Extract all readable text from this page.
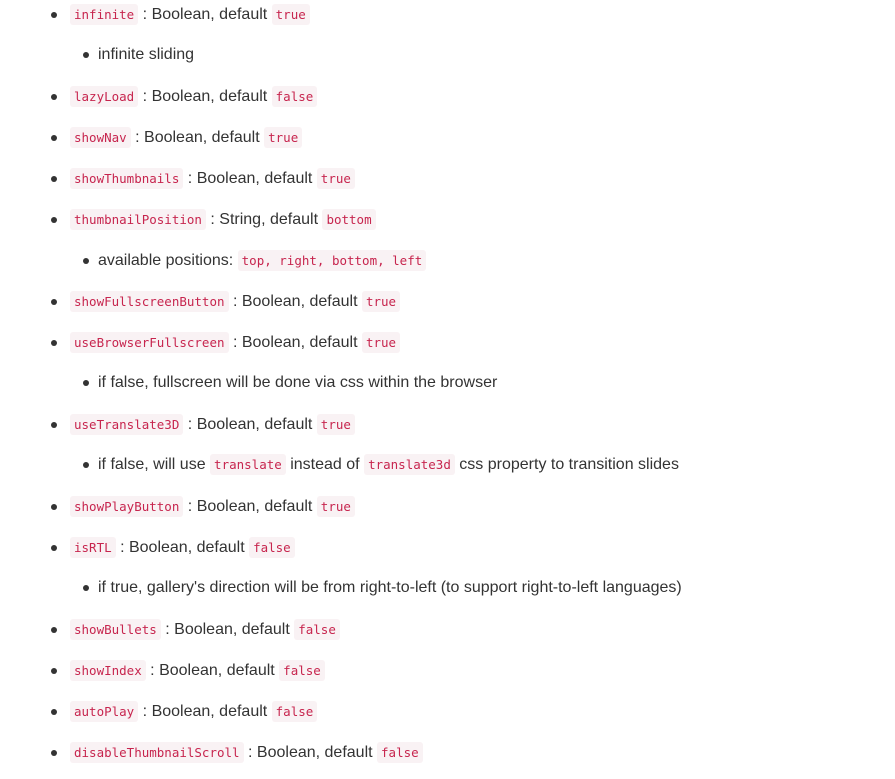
infinite : Boolean, default true
infinite sliding
lazyLoad : Boolean, default false
showNav : Boolean, default true
showThumbnails : Boolean, default true
thumbnailPosition : String, default bottom
available positions: top, right, bottom, left
showFullscreenButton : Boolean, default true
useBrowserFullscreen : Boolean, default true
if false, fullscreen will be done via css within the browser
useTranslate3D : Boolean, default true
if false, will use translate instead of translate3d css property to transition slides
showPlayButton : Boolean, default true
isRTL : Boolean, default false
if true, gallery's direction will be from right-to-left (to support right-to-left languages)
showBullets : Boolean, default false
showIndex : Boolean, default false
autoPlay : Boolean, default false
disableThumbnailScroll : Boolean, default false
